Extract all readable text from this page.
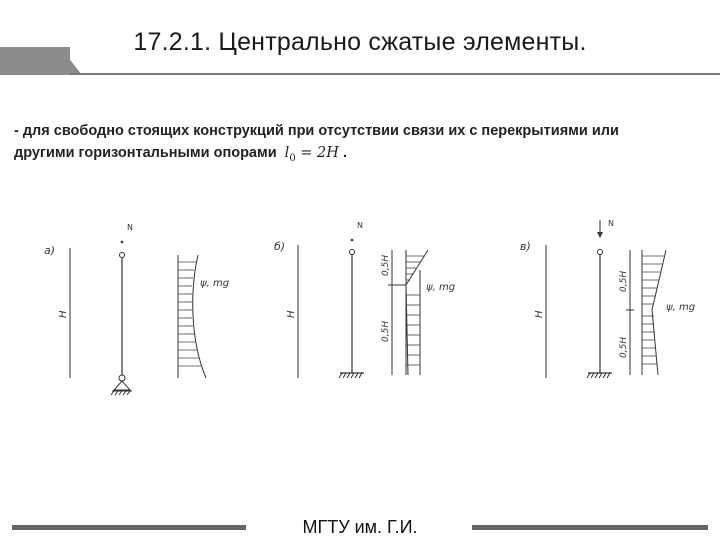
17.2.1. Центрально сжатые элементы.
- для свободно стоящих конструкций при отсутствии связи их с перекрытиями или
другими горизонтальными опорами $l_0 = 2H$ .
а)
H
N
ψ, mg
б)
H
N
0,5H
0,5H
ψ, mg
в)
H
N
0,5H
0,5H
ψ, mg
МГТУ им. Г.И.
